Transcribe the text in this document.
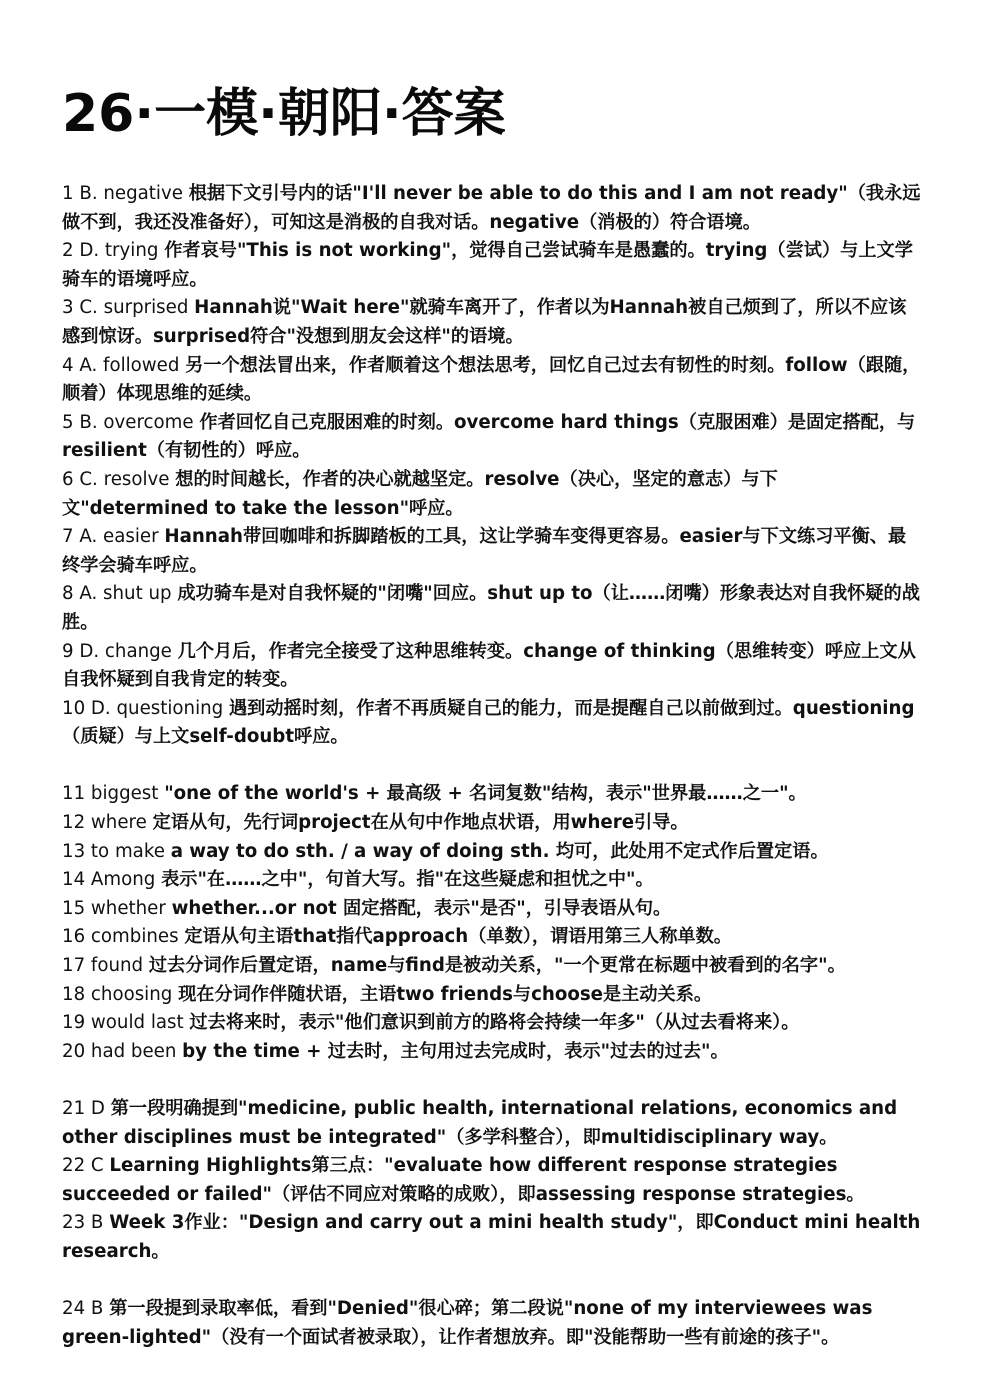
26·一模·朝阳·答案

1 B. negative 根据下文引号内的话"I'll never be able to do this and I am not ready"（我永远做不到，我还没准备好），可知这是消极的自我对话。negative（消极的）符合语境。

2 D. trying 作者哀号"This is not working"，觉得自己尝试骑车是愚蠢的。trying（尝试）与上文学骑车的语境呼应。

3 C. surprised Hannah说"Wait here"就骑车离开了，作者以为Hannah被自己烦到了，所以不应该感到惊讶。surprised符合"没想到朋友会这样"的语境。

4 A. followed 另一个想法冒出来，作者顺着这个想法思考，回忆自己过去有韧性的时刻。follow（跟随，顺着）体现思维的延续。

5 B. overcome 作者回忆自己克服困难的时刻。overcome hard things（克服困难）是固定搭配，与resilient（有韧性的）呼应。

6 C. resolve 想的时间越长，作者的决心就越坚定。resolve（决心，坚定的意志）与下文"determined to take the lesson"呼应。

7 A. easier Hannah带回咖啡和拆脚踏板的工具，这让学骑车变得更容易。easier与下文练习平衡、最终学会骑车呼应。

8 A. shut up 成功骑车是对自我怀疑的"闭嘴"回应。shut up to（让……闭嘴）形象表达对自我怀疑的战胜。

9 D. change 几个月后，作者完全接受了这种思维转变。change of thinking（思维转变）呼应上文从自我怀疑到自我肯定的转变。

10 D. questioning 遇到动摇时刻，作者不再质疑自己的能力，而是提醒自己以前做到过。questioning（质疑）与上文self-doubt呼应。

11 biggest "one of the world's + 最高级 + 名词复数"结构，表示"世界最……之一"。

12 where 定语从句，先行词project在从句中作地点状语，用where引导。

13 to make a way to do sth. / a way of doing sth. 均可，此处用不定式作后置定语。

14 Among 表示"在……之中"，句首大写。指"在这些疑虑和担忧之中"。

15 whether whether...or not 固定搭配，表示"是否"，引导表语从句。

16 combines 定语从句主语that指代approach（单数），谓语用第三人称单数。

17 found 过去分词作后置定语，name与find是被动关系，"一个更常在标题中被看到的名字"。

18 choosing 现在分词作伴随状语，主语two friends与choose是主动关系。

19 would last 过去将来时，表示"他们意识到前方的路将会持续一年多"（从过去看将来）。

20 had been by the time + 过去时，主句用过去完成时，表示"过去的过去"。

21 D 第一段明确提到"medicine, public health, international relations, economics and other disciplines must be integrated"（多学科整合），即multidisciplinary way。

22 C Learning Highlights第三点："evaluate how different response strategies succeeded or failed"（评估不同应对策略的成败），即assessing response strategies。

23 B Week 3作业："Design and carry out a mini health study"，即Conduct mini health research。

24 B 第一段提到录取率低，看到"Denied"很心碎；第二段说"none of my interviewees was green-lighted"（没有一个面试者被录取），让作者想放弃。即"没能帮助一些有前途的孩子"。
